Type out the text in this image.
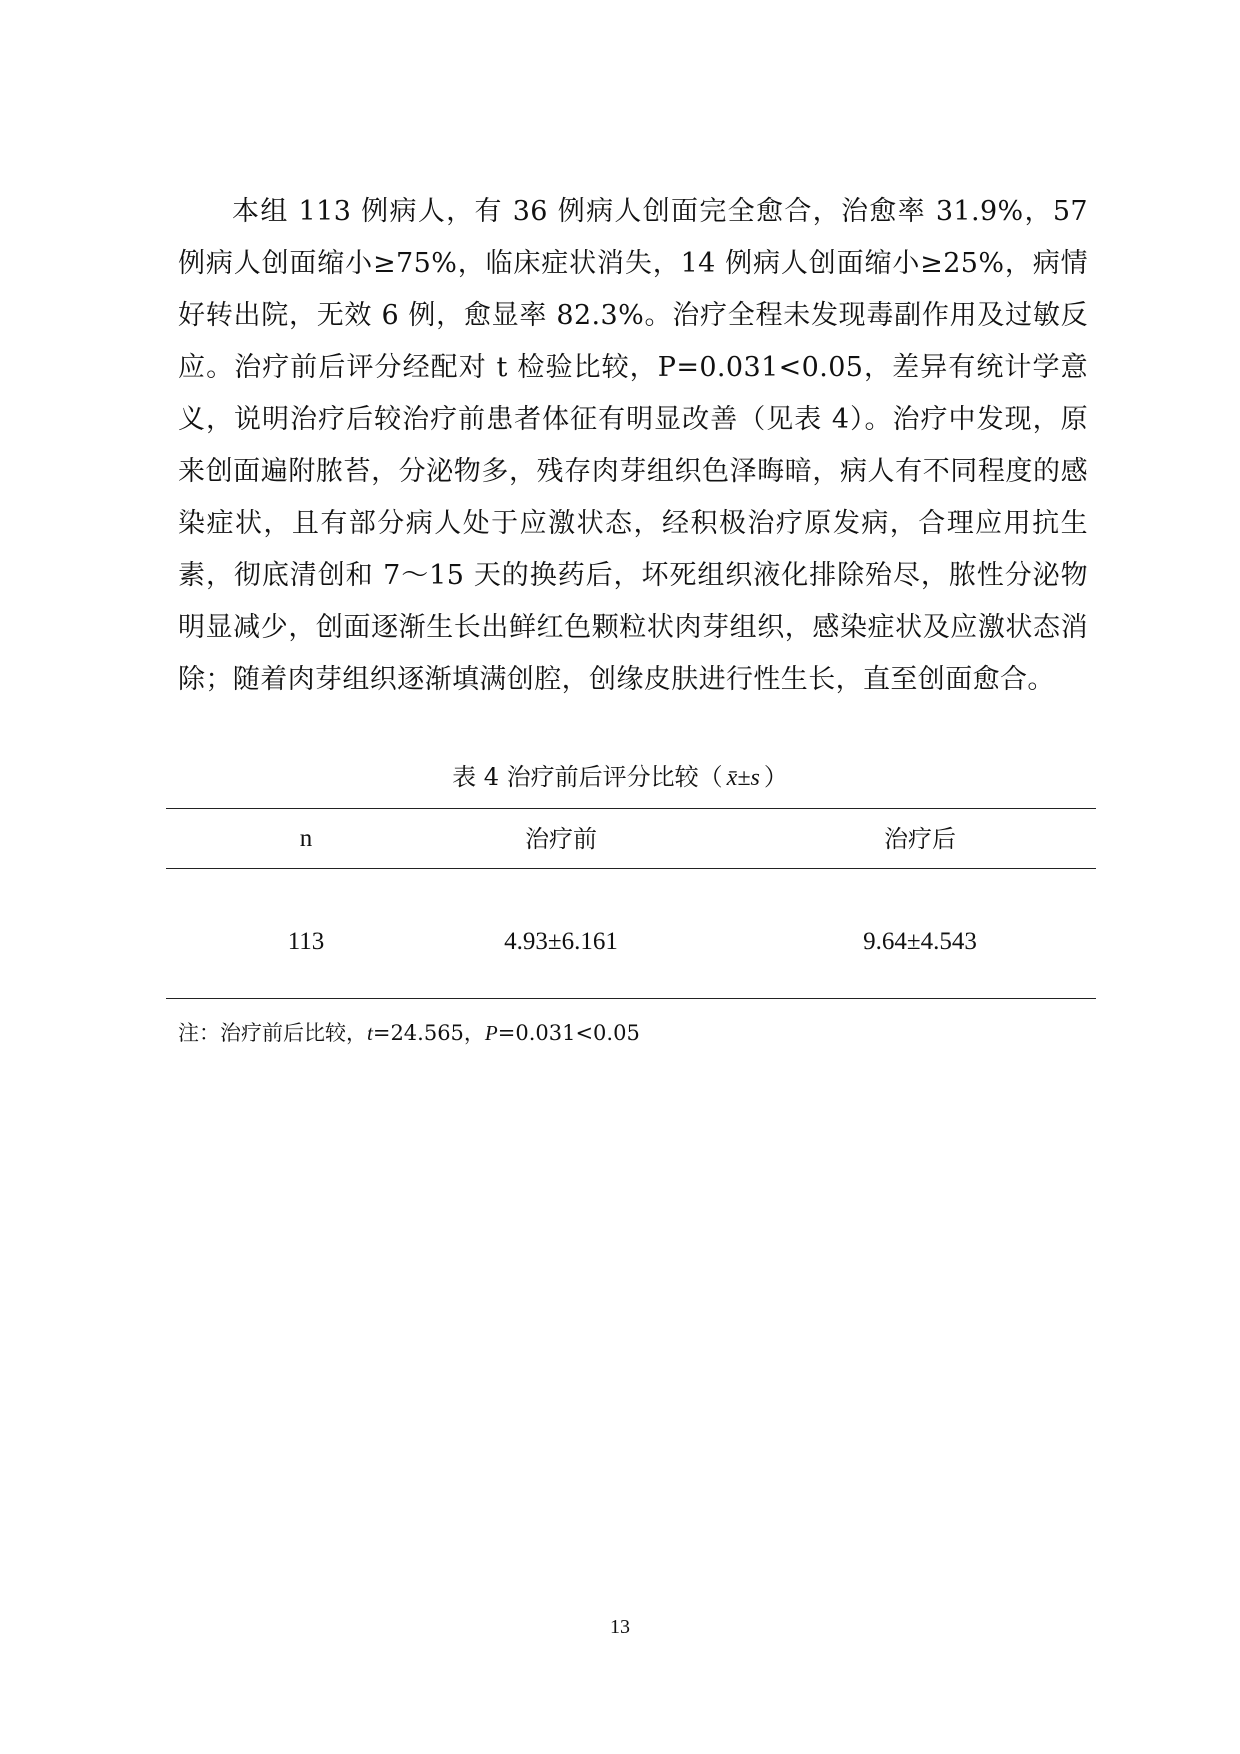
本组 113 例病人，有 36 例病人创面完全愈合，治愈率 31.9%，57 例病人创面缩小≥75%，临床症状消失，14 例病人创面缩小≥25%，病情好转出院，无效 6 例，愈显率 82.3%。治疗全程未发现毒副作用及过敏反应。治疗前后评分经配对 t 检验比较，P=0.031<0.05，差异有统计学意义，说明治疗后较治疗前患者体征有明显改善（见表 4）。治疗中发现，原来创面遍附脓苔，分泌物多，残存肉芽组织色泽晦暗，病人有不同程度的感染症状，且有部分病人处于应激状态，经积极治疗原发病，合理应用抗生素，彻底清创和 7～15 天的换药后，坏死组织液化排除殆尽，脓性分泌物明显减少，创面逐渐生长出鲜红色颗粒状肉芽组织，感染症状及应激状态消除；随着肉芽组织逐渐填满创腔，创缘皮肤进行性生长，直至创面愈合。

表 4 治疗前后评分比较（ x̄±s ）
n	治疗前	治疗后
113	4.93±6.161	9.64±4.543
注：治疗前后比较，t=24.565，P=0.031<0.05
13
